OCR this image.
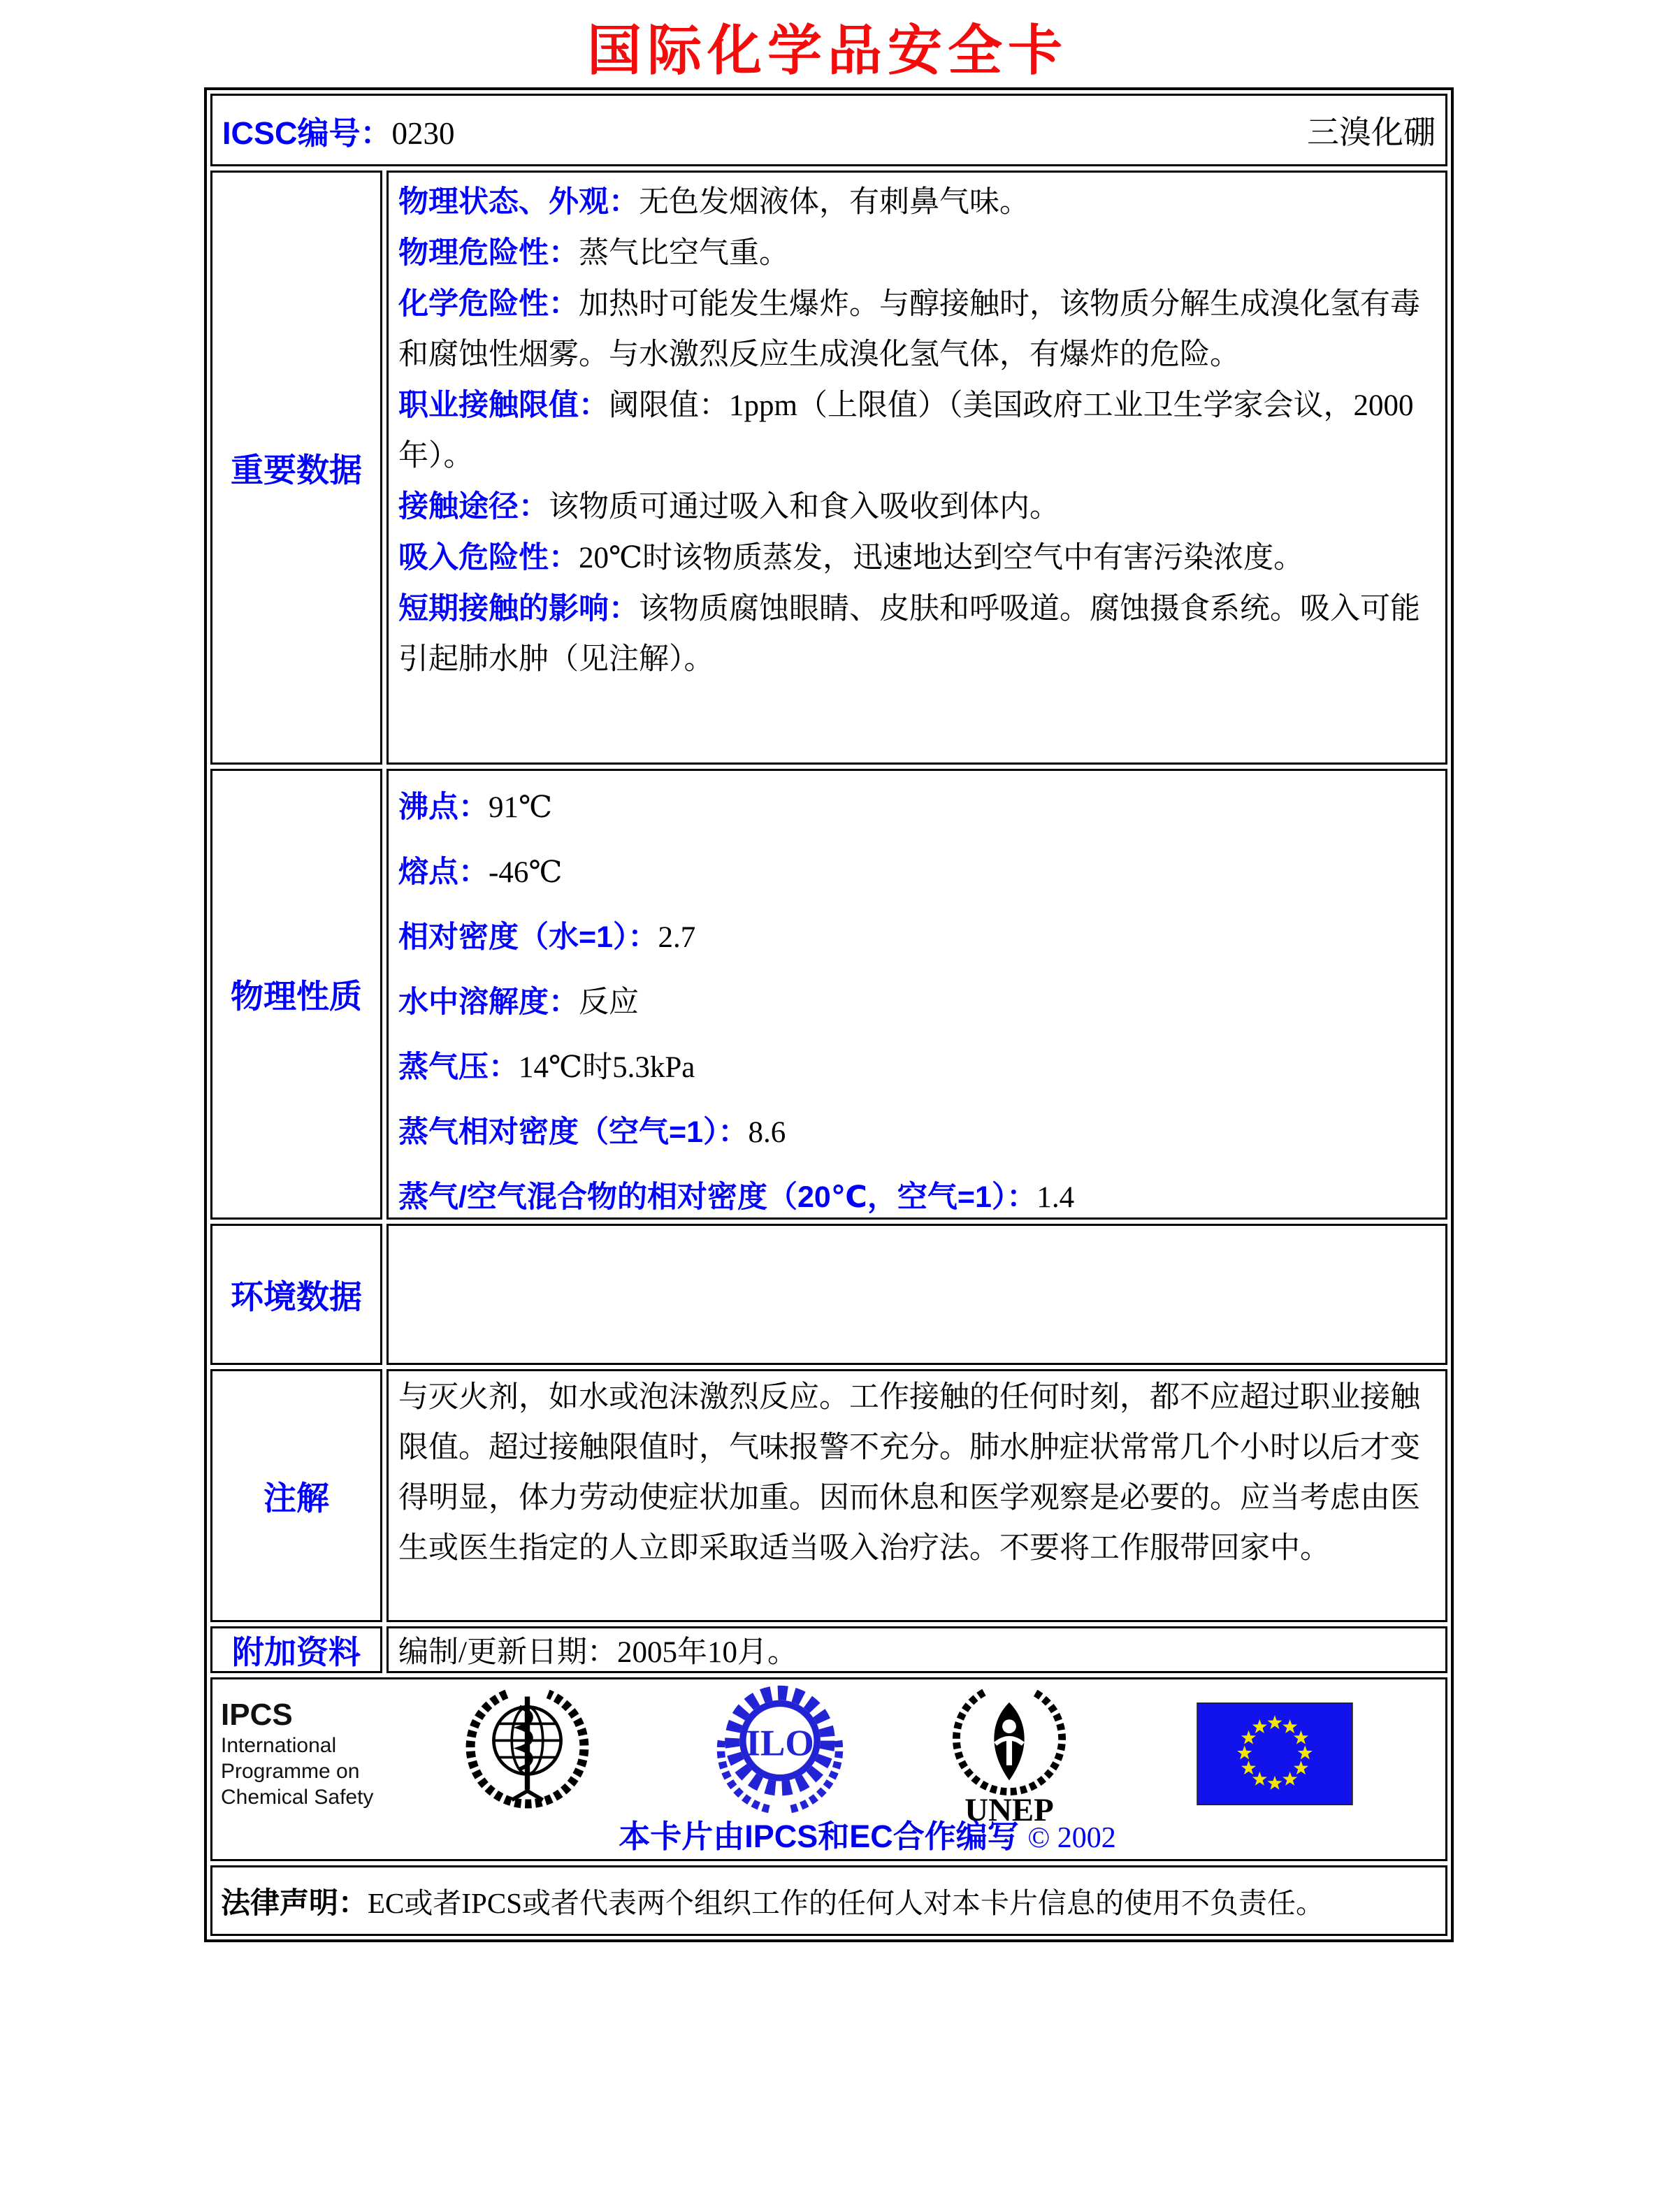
国际化学品安全卡
ICSC编号：0230	三溴化硼
重要数据

物理状态、外观：无色发烟液体，有刺鼻气味。

物理危险性：蒸气比空气重。

化学危险性：加热时可能发生爆炸。与醇接触时，该物质分解生成溴化氢有毒和腐蚀性烟雾。与水激烈反应生成溴化氢气体，有爆炸的危险。

职业接触限值：阈限值：1ppm（上限值）（美国政府工业卫生学家会议，2000年）。

接触途径：该物质可通过吸入和食入吸收到体内。

吸入危险性：20℃时该物质蒸发，迅速地达到空气中有害污染浓度。

短期接触的影响：该物质腐蚀眼睛、皮肤和呼吸道。腐蚀摄食系统。吸入可能引起肺水肿（见注解）。

物理性质

沸点：91℃

熔点：-46℃

相对密度（水=1）：2.7

水中溶解度：反应

蒸气压：14℃时5.3kPa

蒸气相对密度（空气=1）：8.6

蒸气/空气混合物的相对密度（20℃，空气=1）：1.4

环境数据
注解

与灭火剂，如水或泡沫激烈反应。工作接触的任何时刻，都不应超过职业接触限值。超过接触限值时，气味报警不充分。肺水肿症状常常几个小时以后才变得明显，体力劳动使症状加重。因而休息和医学观察是必要的。应当考虑由医生或医生指定的人立即采取适当吸入治疗法。不要将工作服带回家中。

附加资料	编制/更新日期：2005年10月。
IPCS
International
Programme on
Chemical Safety
ILO
UNEP
本卡片由IPCS和EC合作编写 © 2002
法律声明： EC或者IPCS或者代表两个组织工作的任何人对本卡片信息的使用不负责任。
